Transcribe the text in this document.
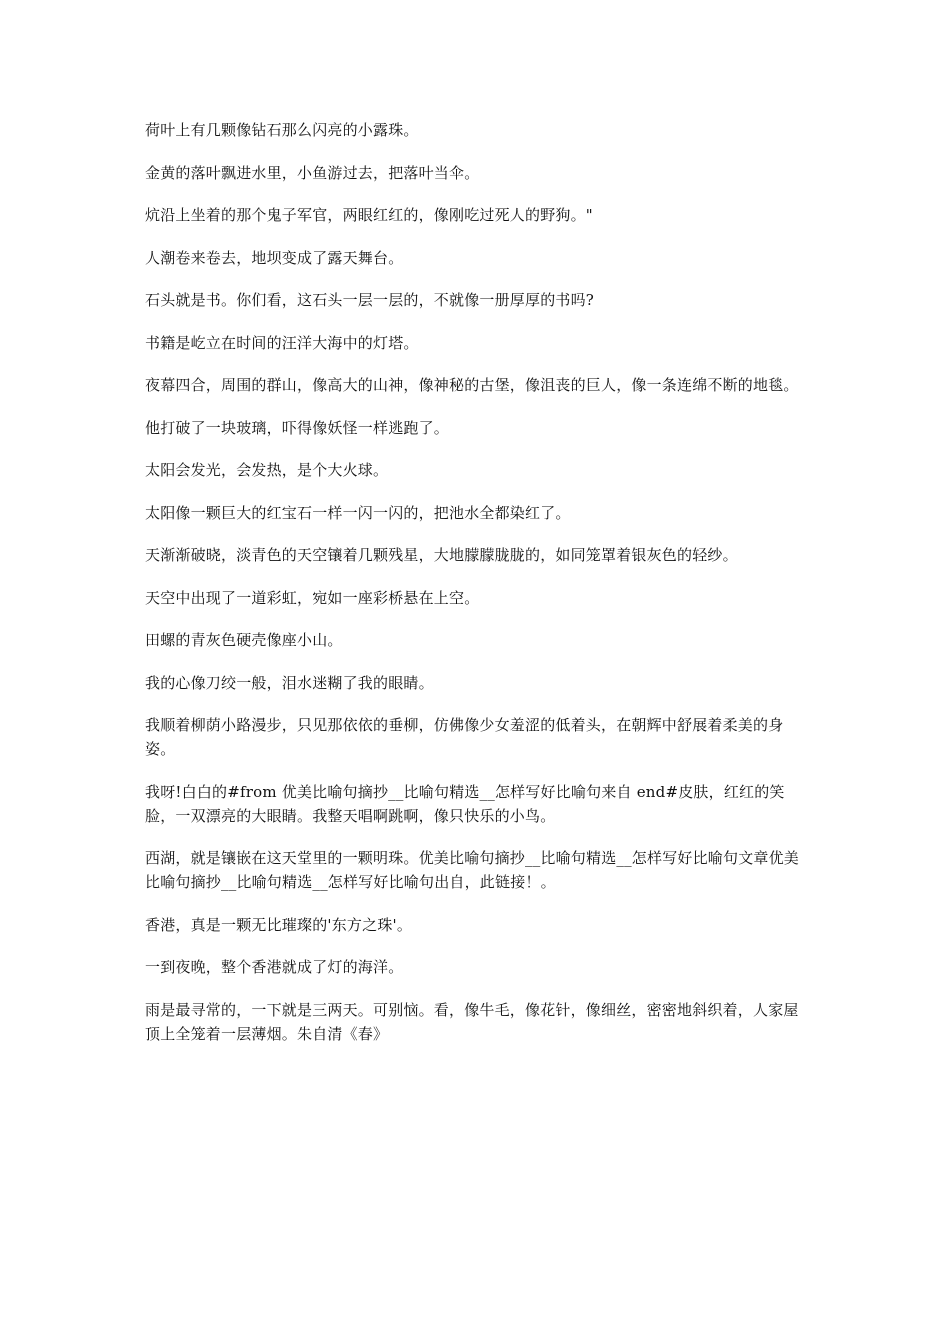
荷叶上有几颗像钻石那么闪亮的小露珠。

金黄的落叶飘进水里，小鱼游过去，把落叶当伞。

炕沿上坐着的那个鬼子军官，两眼红红的，像刚吃过死人的野狗。"

人潮卷来卷去，地坝变成了露天舞台。

石头就是书。你们看，这石头一层一层的，不就像一册厚厚的书吗?

书籍是屹立在时间的汪洋大海中的灯塔。

夜幕四合，周围的群山，像高大的山神，像神秘的古堡，像沮丧的巨人，像一条连绵不断的地毯。

他打破了一块玻璃，吓得像妖怪一样逃跑了。

太阳会发光，会发热，是个大火球。

太阳像一颗巨大的红宝石一样一闪一闪的，把池水全都染红了。

天渐渐破晓，淡青色的天空镶着几颗残星，大地朦朦胧胧的，如同笼罩着银灰色的轻纱。

天空中出现了一道彩虹，宛如一座彩桥悬在上空。

田螺的青灰色硬壳像座小山。

我的心像刀绞一般，泪水迷糊了我的眼睛。

我顺着柳荫小路漫步，只见那依依的垂柳，仿佛像少女羞涩的低着头，在朝辉中舒展着柔美的身姿。

我呀!白白的#from 优美比喻句摘抄__比喻句精选__怎样写好比喻句来自 end#皮肤，红红的笑脸，一双漂亮的大眼睛。我整天唱啊跳啊，像只快乐的小鸟。

西湖，就是镶嵌在这天堂里的一颗明珠。优美比喻句摘抄__比喻句精选__怎样写好比喻句文章优美比喻句摘抄__比喻句精选__怎样写好比喻句出自，此链接！。

香港，真是一颗无比璀璨的'东方之珠'。

一到夜晚，整个香港就成了灯的海洋。

雨是最寻常的，一下就是三两天。可别恼。看，像牛毛，像花针，像细丝，密密地斜织着，人家屋顶上全笼着一层薄烟。朱自清《春》
